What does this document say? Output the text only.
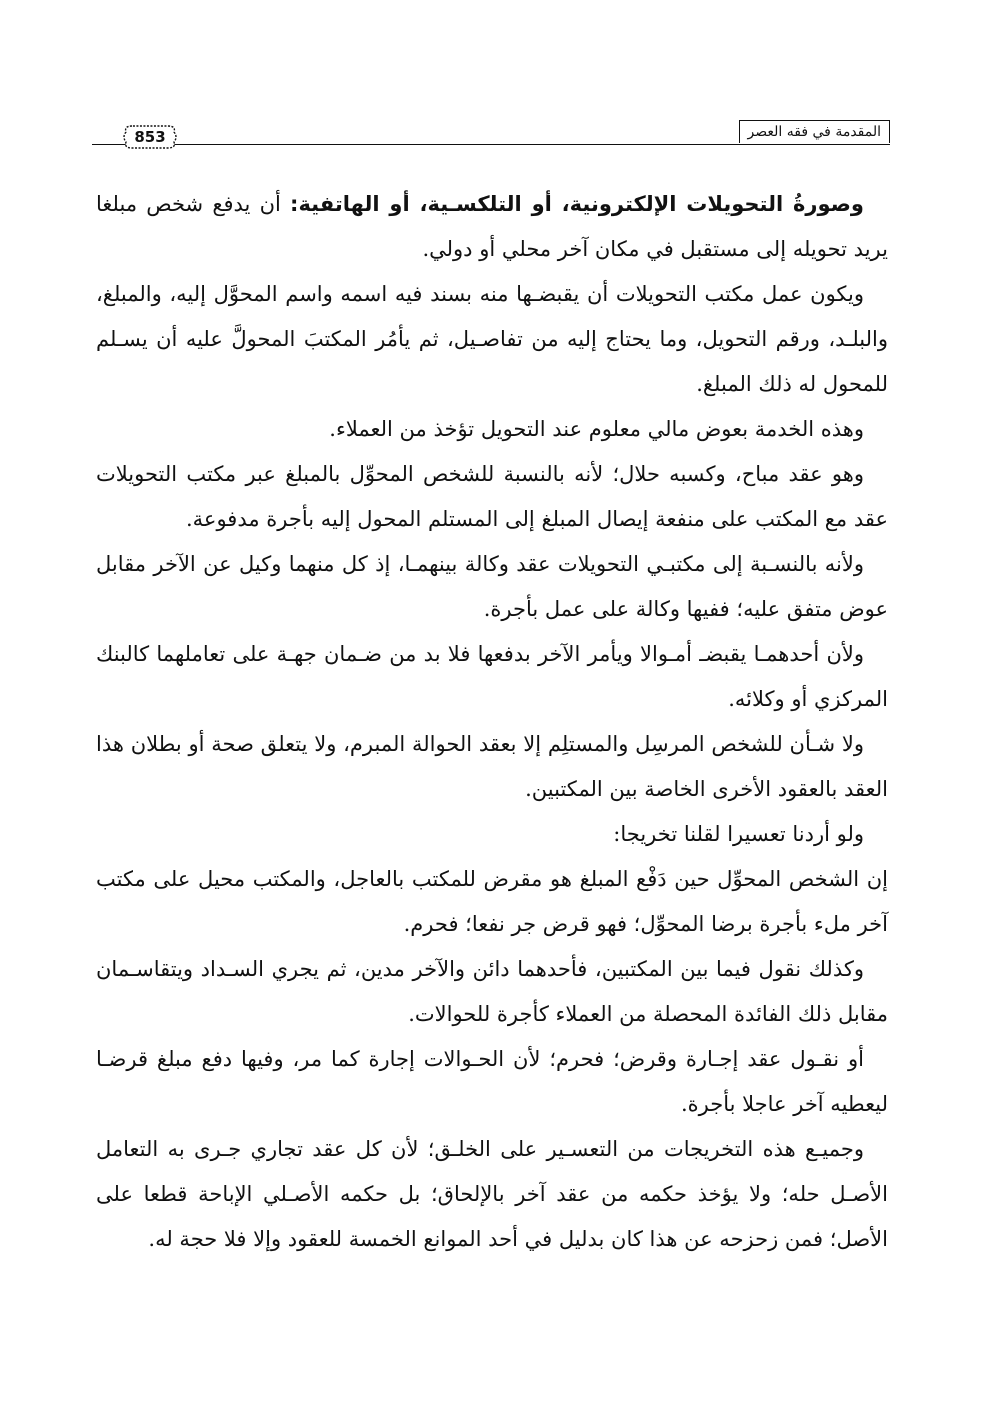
المقدمة في فقه العصر
853

وصورةُ التحويلات الإلكترونية، أو التلكسـية، أو الهاتفية: أن يدفع شخص مبلغا يريد تحويله إلى مستقبل في مكان آخر محلي أو دولي.

ويكون عمل مكتب التحويلات أن يقبضـها منه بسند فيه اسمه واسم المحوَّل إليه، والمبلغ، والبلـد، ورقم التحويل، وما يحتاج إليه من تفاصـيل، ثم يأمُر المكتبَ المحولَّ عليه أن يسـلم للمحول له ذلك المبلغ.

وهذه الخدمة بعوض مالي معلوم عند التحويل تؤخذ من العملاء.

وهو عقد مباح، وكسبه حلال؛ لأنه بالنسبة للشخص المحوِّل بالمبلغ عبر مكتب التحويلات عقد مع المكتب على منفعة إيصال المبلغ إلى المستلم المحول إليه بأجرة مدفوعة.

ولأنه بالنسـبة إلى مكتبـي التحويلات عقد وكالة بينهمـا، إذ كل منهما وكيل عن الآخر مقابل عوض متفق عليه؛ ففيها وكالة على عمل بأجرة.

ولأن أحدهمـا يقبضـ أمـوالا ويأمر الآخر بدفعها فلا بد من ضـمان جهـة على تعاملهما كالبنك المركزي أو وكلائه.

ولا شـأن للشخص المرسِل والمستلِم إلا بعقد الحوالة المبرم، ولا يتعلق صحة أو بطلان هذا العقد بالعقود الأخرى الخاصة بين المكتبين.

ولو أردنا تعسيرا لقلنا تخريجا:

إن الشخص المحوِّل حين دَفْع المبلغ هو مقرض للمكتب بالعاجل، والمكتب محيل على مكتب آخر ملء بأجرة برضا المحوِّل؛ فهو قرض جر نفعا؛ فحرم.

وكذلك نقول فيما بين المكتبين، فأحدهما دائن والآخر مدين، ثم يجري السـداد ويتقاسـمان مقابل ذلك الفائدة المحصلة من العملاء كأجرة للحوالات.

أو نقـول عقد إجـارة وقرض؛ فحرم؛ لأن الحـوالات إجارة كما مر، وفيها دفع مبلغ قرضـا ليعطيه آخر عاجلا بأجرة.

وجميـع هذه التخريجات من التعسـير على الخلـق؛ لأن كل عقد تجاري جـرى به التعامل الأصـل حله؛ ولا يؤخذ حكمه من عقد آخر بالإلحاق؛ بل حكمه الأصـلي الإباحة قطعا على الأصل؛ فمن زحزحه عن هذا كان بدليل في أحد الموانع الخمسة للعقود وإلا فلا حجة له.
